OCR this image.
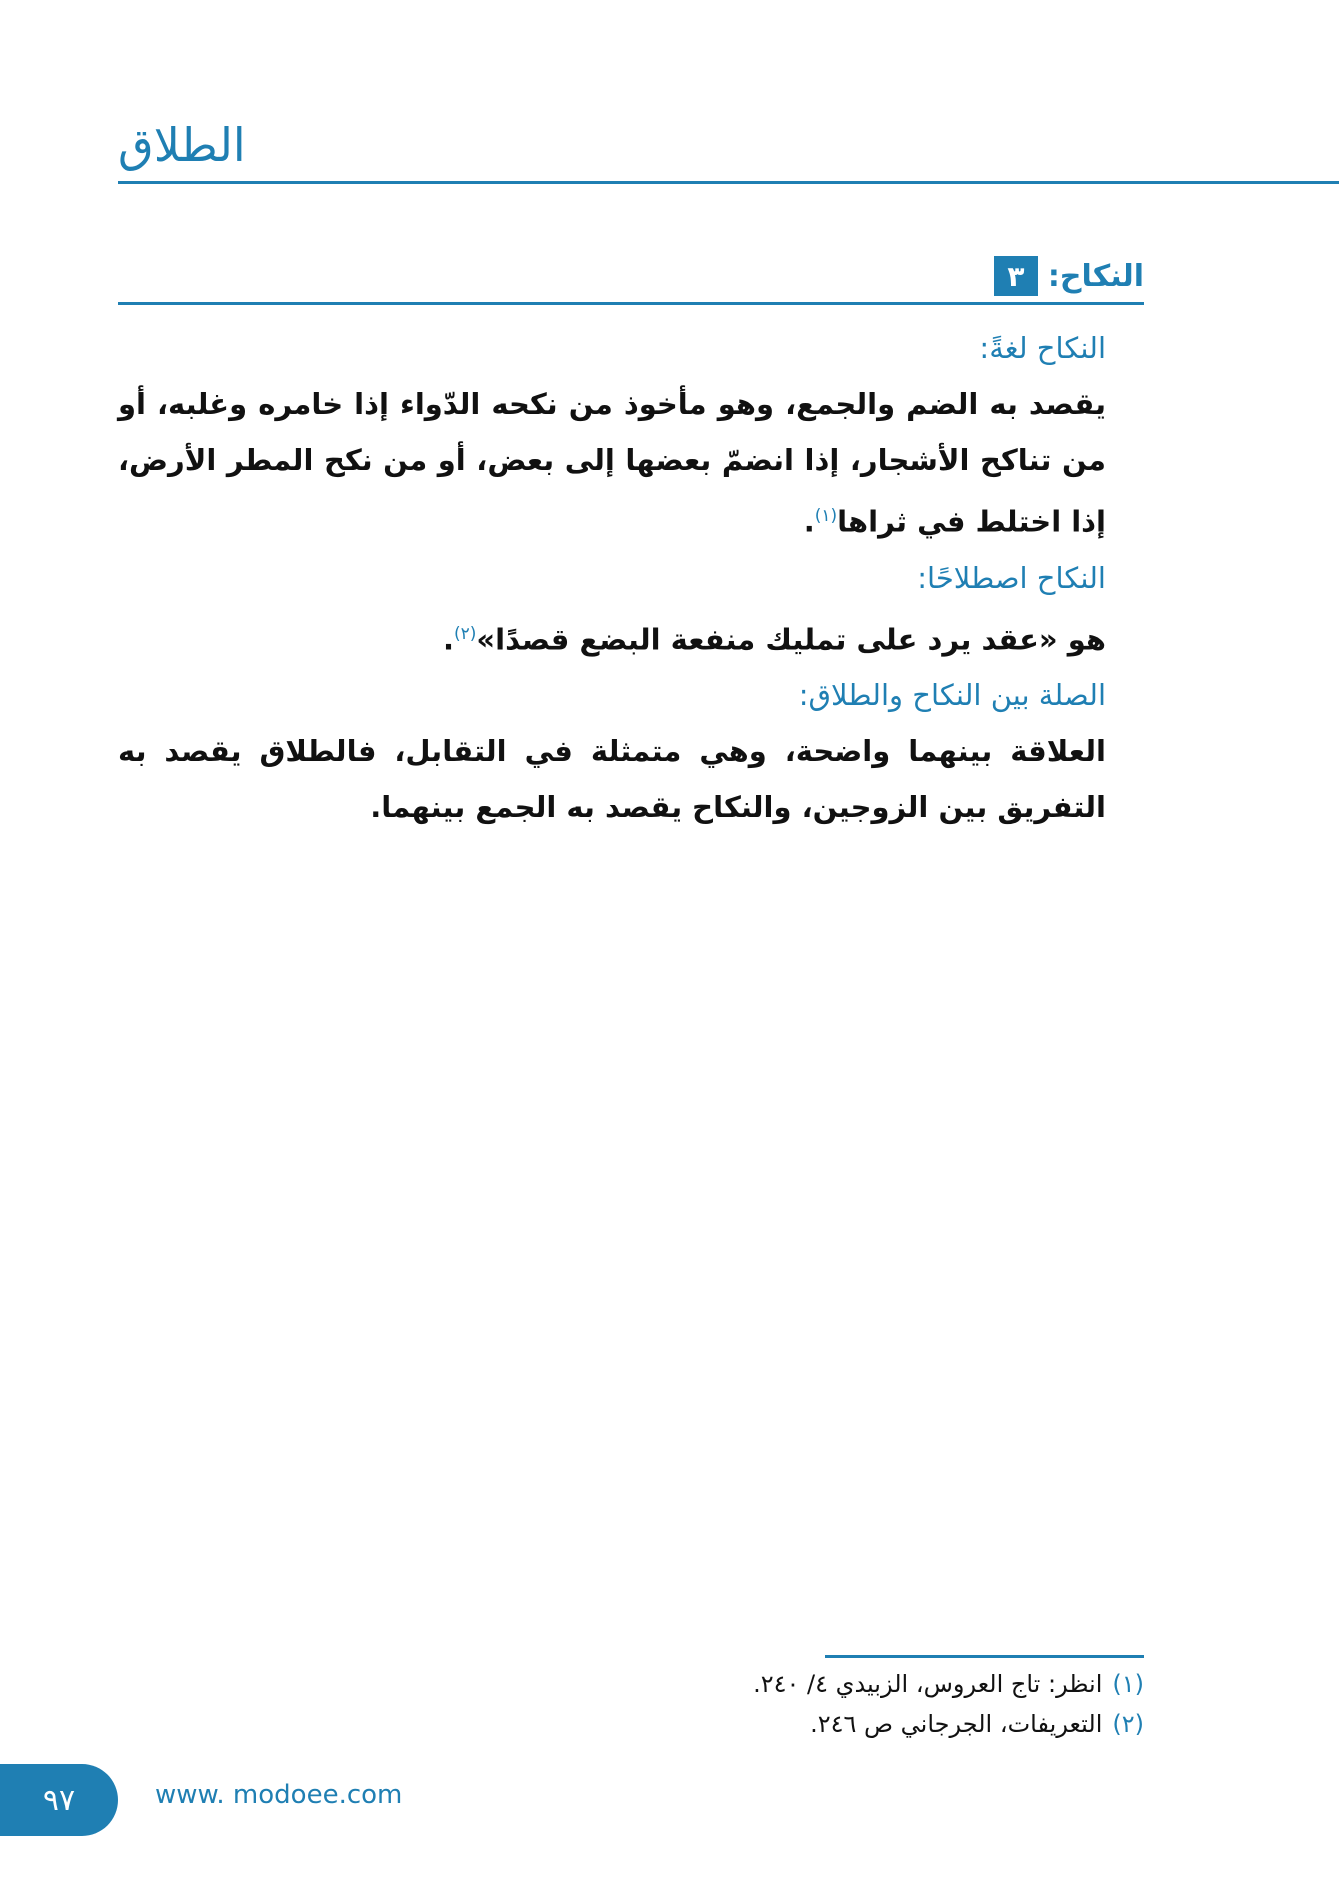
الطلاق
٣ النكاح:

النكاح لغةً:

يقصد به الضم والجمع، وهو مأخوذ من نكحه الدّواء إذا خامره وغلبه، أو من تناكح الأشجار، إذا انضمّ بعضها إلى بعض، أو من نكح المطر الأرض، إذا اختلط في ثراها$^{(١)}$.

النكاح اصطلاحًا:

هو «عقد يرد على تمليك منفعة البضع قصدًا»$^{(٢)}$.

الصلة بين النكاح والطلاق:

العلاقة بينهما واضحة، وهي متمثلة في التقابل، فالطلاق يقصد به التفريق بين الزوجين، والنكاح يقصد به الجمع بينهما.

(١)انظر: تاج العروس، الزبيدي ٤/ ٢٤٠.

(٢)التعريفات، الجرجاني ص ٢٤٦.

٩٧	www. modoee.com
